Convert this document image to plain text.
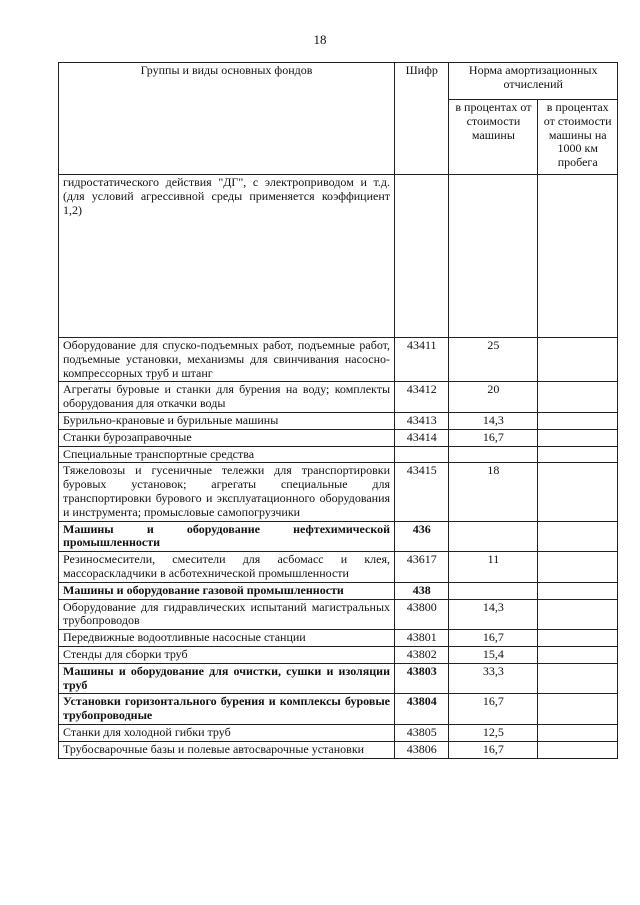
18
Группы и виды основных фондов	Шифр	Норма амортизационных отчислений	
		в процентах от стоимости машины	в процентах от стоимости машины на 1000 км пробега
гидростатического действия "ДГ", с электроприводом и т.д. (для условий агрессивной среды применяется коэффициент 1,2)			
Оборудование для спуско-подъемных работ, подъемные работ, подъемные установки, механизмы для свинчивания насосно-компрессорных труб и штанг	43411	25	
Агрегаты буровые и станки для бурения на воду; комплекты оборудования для откачки воды	43412	20	
Бурильно-крановые и бурильные машины	43413	14,3	
Станки бурозаправочные	43414	16,7	
Специальные транспортные средства			
Тяжеловозы и гусеничные тележки для транспортировки буровых установок; агрегаты специальные для транспортировки бурового и эксплуатационного оборудования и инструмента; промысловые самопогрузчики	43415	18	
Машины и оборудование нефтехимической промышленности	436		
Резиносмесители, смесители для асбомасс и клея, массораскладчики в асботехнической промышленности	43617	11	
Машины и оборудование газовой промышленности	438		
Оборудование для гидравлических испытаний магистральных трубопроводов	43800	14,3	
Передвижные водоотливные насосные станции	43801	16,7	
Стенды для сборки труб	43802	15,4	
Машины и оборудование для очистки, сушки и изоляции труб	43803	33,3	
Установки горизонтального бурения и комплексы буровые трубопроводные	43804	16,7	
Станки для холодной гибки труб	43805	12,5	
Трубосварочные базы и полевые автосварочные установки	43806	16,7	
